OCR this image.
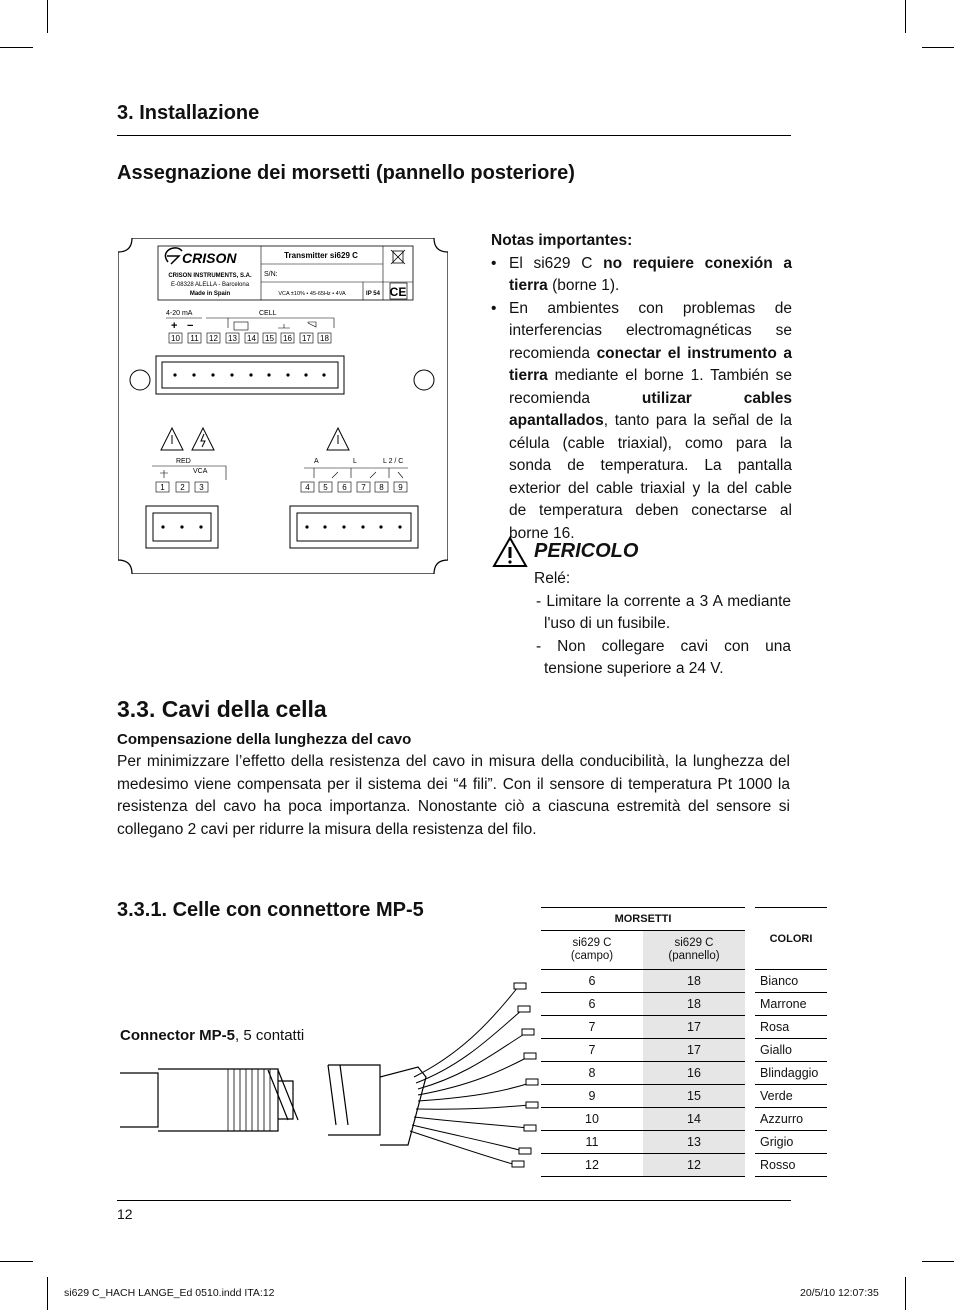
3. Installazione
Assegnazione dei morsetti (pannello posteriore)
CRISON
CRISON INSTRUMENTS, S.A.
E-08328 ALELLA - Barcelona
Made in Spain
Transmitter si629 C
S/N:
VCA ±10% • 45-65Hz • 4VA	IP 54 CE
4-20 mA	CELL
+ −
10 11 12 13 14 15 16 17 18
RED
VCA
1 2 3
A	L	L 2 / C
4 5 6 7 8 9
Notas importantes:
• El si629 C no requiere conexión a tierra (borne 1).
• En ambientes con problemas de interferencias electromagnéticas se recomienda conectar el instrumento a tierra mediante el borne 1. También se recomienda utilizar cables apantallados, tanto para la señal de la célula (cable triaxial), como para la sonda de temperatura. La pantalla exterior del cable triaxial y la del cable de temperatura deben conectarse al borne 16.
PERICOLO
Relé:
- Limitare la corrente a 3 A mediante l'uso di un fusibile.
- Non collegare cavi con una tensione superiore a 24 V.
3.3. Cavi della cella
Compensazione della lunghezza del cavo
Per minimizzare l’effetto della resistenza del cavo in misura della conducibilità, la lunghezza del medesimo viene compensata per il sistema dei “4 fili”. Con il sensore di temperatura Pt 1000 la resistenza del cavo ha poca importanza. Nonostante ciò a ciascuna estremità del sensore si collegano 2 cavi per ridurre la misura della resistenza del filo.
3.3.1. Celle con connettore MP-5
Connector MP-5, 5 contatti
MORSETTI			COLORI
si629 C (campo)	si629 C (pannello)		
6	18		Bianco
6	18		Marrone
7	17		Rosa
7	17		Giallo
8	16		Blindaggio
9	15		Verde
10	14		Azzurro
11	13		Grigio
12	12		Rosso
12
si629 C_HACH LANGE_Ed 0510.indd ITA:12	20/5/10 12:07:35
